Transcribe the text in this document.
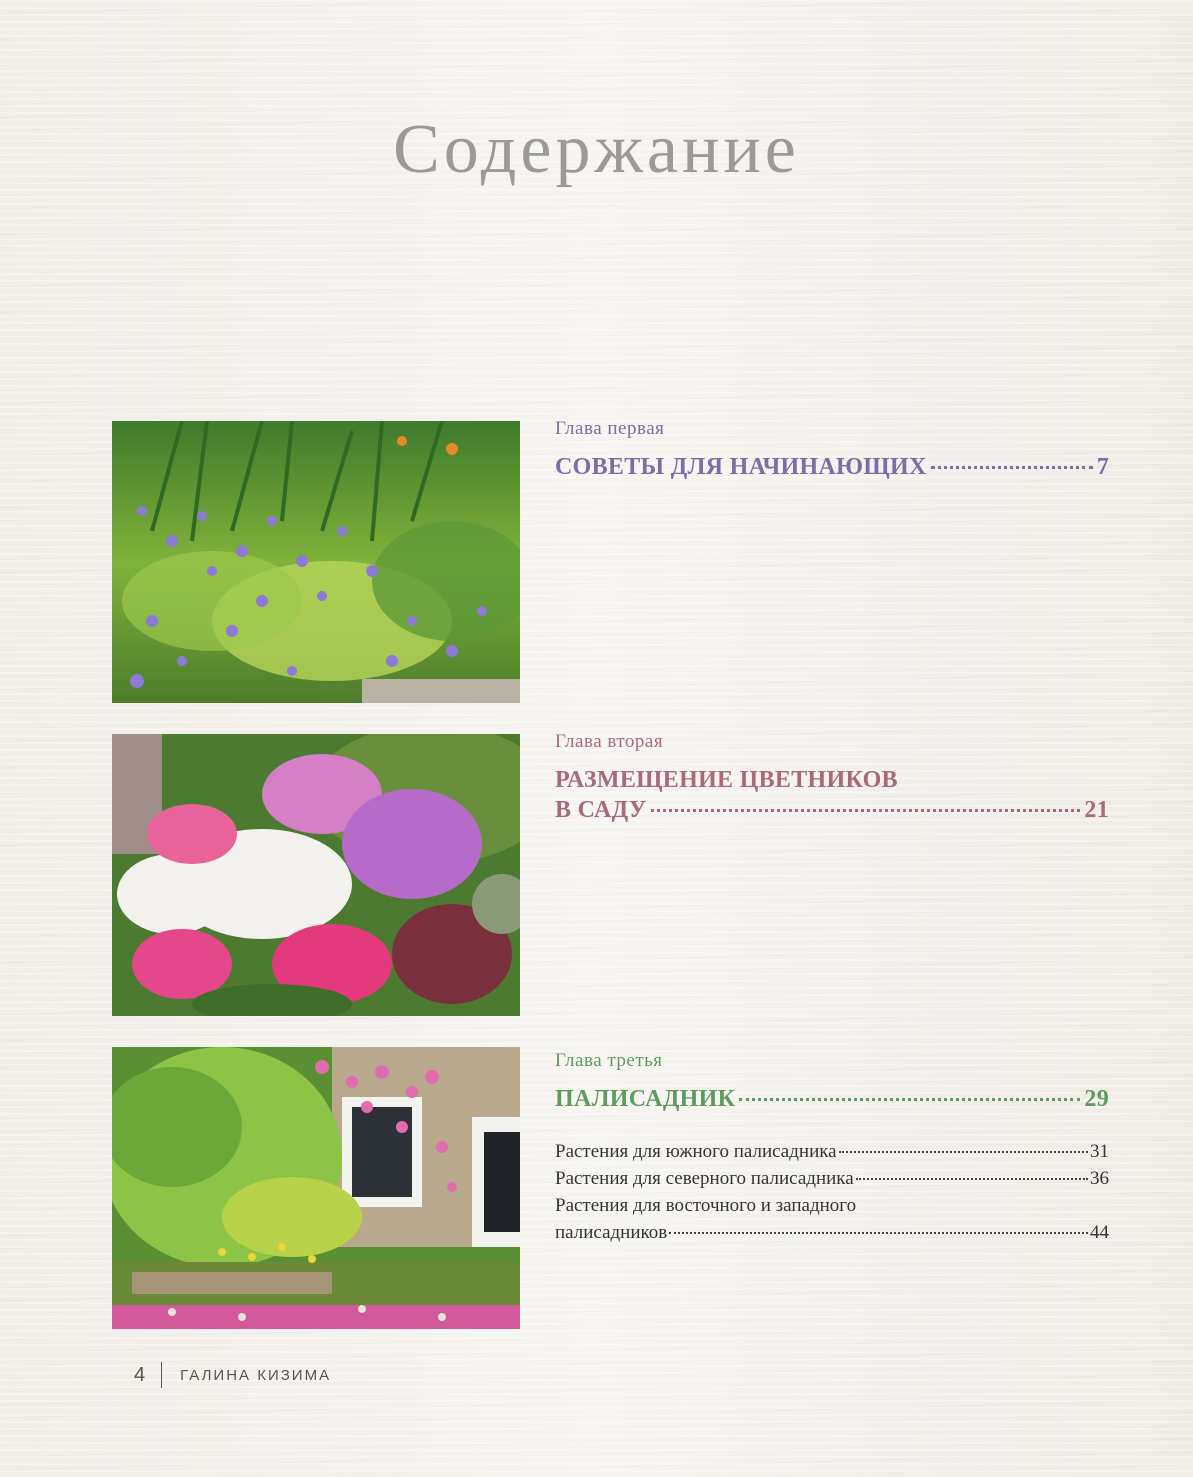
Содержание

Глава первая

СОВЕТЫ ДЛЯ НАЧИНАЮЩИХ	7

Глава вторая

РАЗМЕЩЕНИЕ ЦВЕТНИКОВ
В САДУ	21

Глава третья

ПАЛИСАДНИК	29
Растения для южного палисадника	31
Растения для северного палисадника	36
Растения для восточного и западного
палисадников	44
4 ГАЛИНА КИЗИМА
